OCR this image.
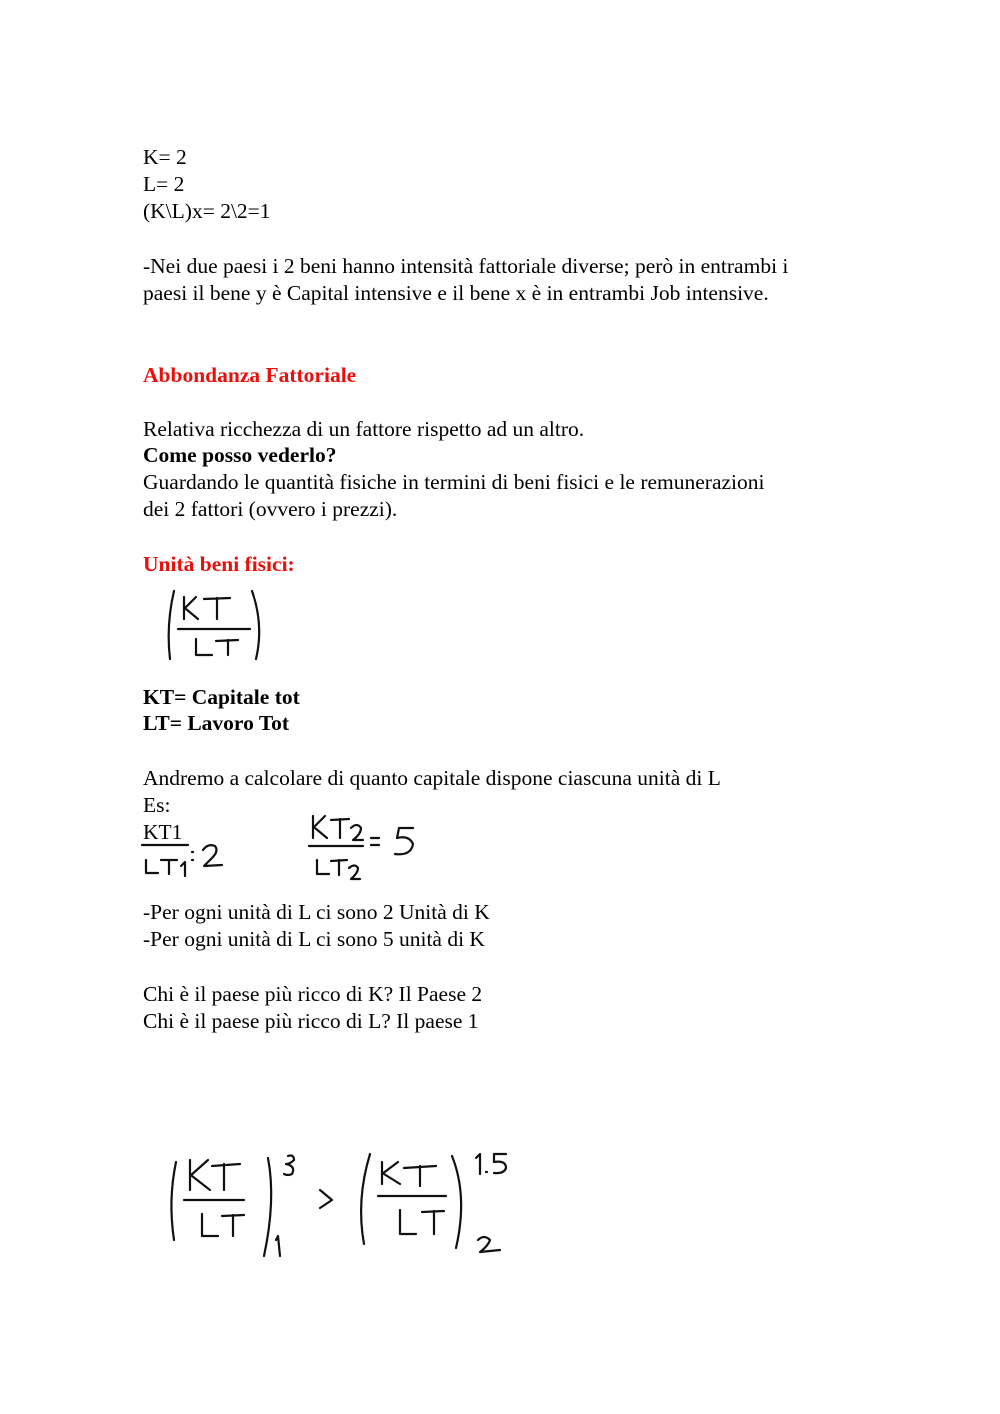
K= 2
L= 2
(K\L)x= 2\2=1
-Nei due paesi i 2 beni hanno intensità fattoriale diverse; però in entrambi i
paesi il bene y è Capital intensive e il bene x è in entrambi Job intensive.
Abbondanza Fattoriale
Relativa ricchezza di un fattore rispetto ad un altro.
Come posso vederlo?
Guardando le quantità fisiche in termini di beni fisici e le remunerazioni
dei 2 fattori (ovvero i prezzi).
Unità beni fisici:
KT= Capitale tot
LT= Lavoro Tot
Andremo a calcolare di quanto capitale dispone ciascuna unità di L
Es:
KT1
-Per ogni unità di L ci sono 2 Unità di K
-Per ogni unità di L ci sono 5 unità di K
Chi è il paese più ricco di K? Il Paese 2
Chi è il paese più ricco di L? Il paese 1
